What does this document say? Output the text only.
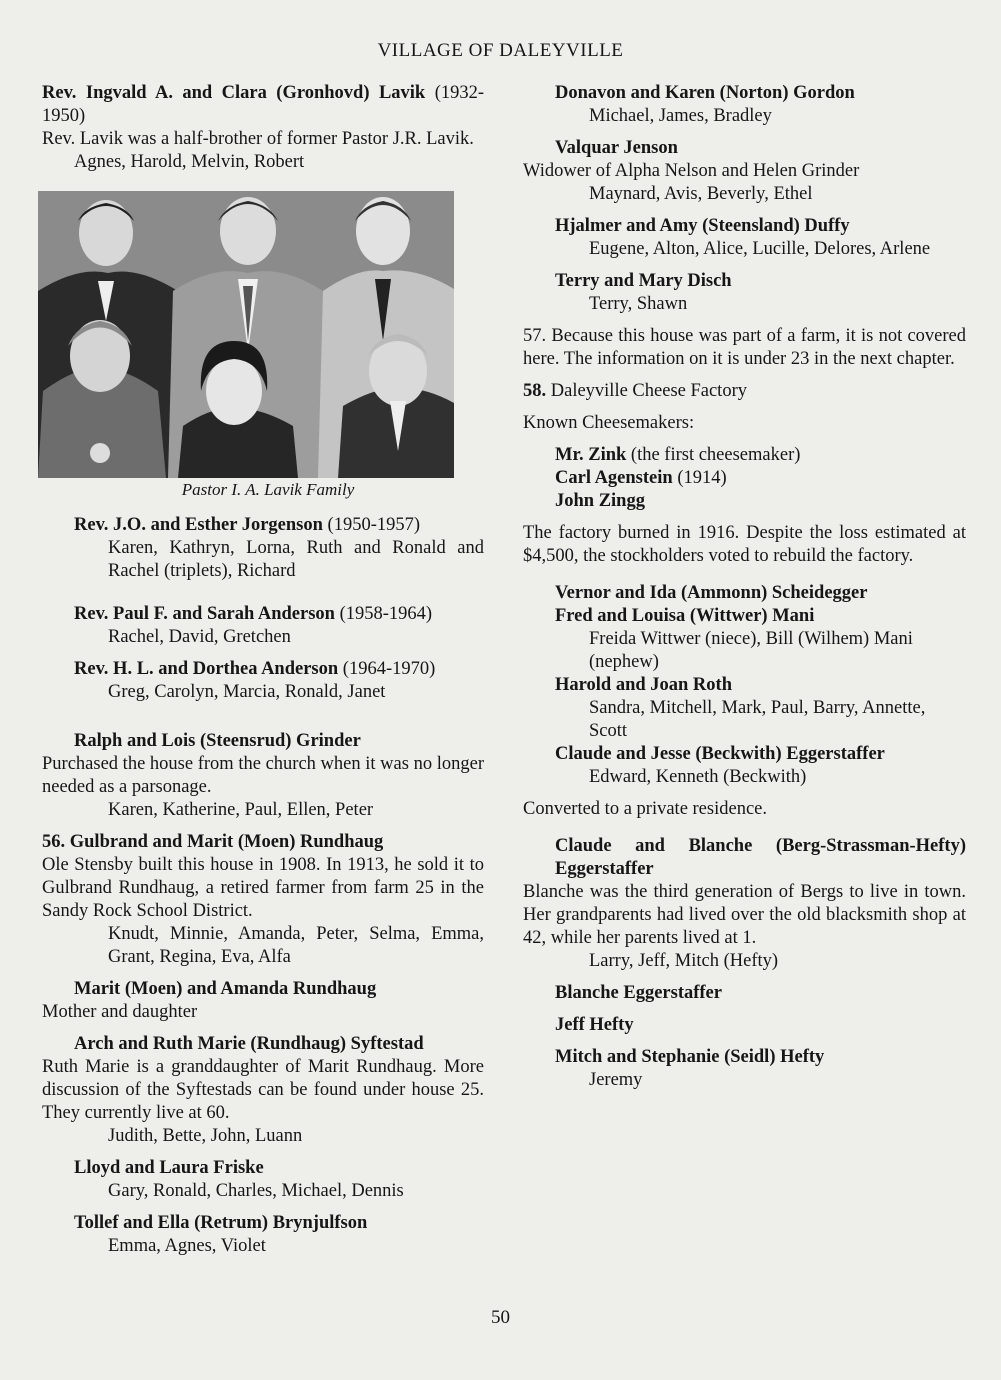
VILLAGE OF DALEYVILLE
Rev. Ingvald A. and Clara (Gronhovd) Lavik (1932-1950)
Rev. Lavik was a half-brother of former Pastor J.R. Lavik.
Agnes, Harold, Melvin, Robert
Pastor I. A. Lavik Family
Rev. J.O. and Esther Jorgenson (1950-1957)
Karen, Kathryn, Lorna, Ruth and Ronald and Rachel (triplets), Richard
Rev. Paul F. and Sarah Anderson (1958-1964)
Rachel, David, Gretchen
Rev. H. L. and Dorthea Anderson (1964-1970)
Greg, Carolyn, Marcia, Ronald, Janet
Ralph and Lois (Steensrud) Grinder
Purchased the house from the church when it was no longer needed as a parsonage.
Karen, Katherine, Paul, Ellen, Peter
56. Gulbrand and Marit (Moen) Rundhaug
Ole Stensby built this house in 1908. In 1913, he sold it to Gulbrand Rundhaug, a retired farmer from farm 25 in the Sandy Rock School District.
Knudt, Minnie, Amanda, Peter, Selma, Emma, Grant, Regina, Eva, Alfa
Marit (Moen) and Amanda Rundhaug
Mother and daughter
Arch and Ruth Marie (Rundhaug) Syftestad
Ruth Marie is a granddaughter of Marit Rundhaug. More discussion of the Syftestads can be found under house 25. They currently live at 60.
Judith, Bette, John, Luann
Lloyd and Laura Friske
Gary, Ronald, Charles, Michael, Dennis
Tollef and Ella (Retrum) Brynjulfson
Emma, Agnes, Violet
Donavon and Karen (Norton) Gordon
Michael, James, Bradley
Valquar Jenson
Widower of Alpha Nelson and Helen Grinder
Maynard, Avis, Beverly, Ethel
Hjalmer and Amy (Steensland) Duffy
Eugene, Alton, Alice, Lucille, Delores, Arlene
Terry and Mary Disch
Terry, Shawn
57. Because this house was part of a farm, it is not covered here. The information on it is under 23 in the next chapter.
58. Daleyville Cheese Factory
Known Cheesemakers:
Mr. Zink (the first cheesemaker)
Carl Agenstein (1914)
John Zingg
The factory burned in 1916. Despite the loss estimated at $4,500, the stockholders voted to rebuild the factory.
Vernor and Ida (Ammonn) Scheidegger
Fred and Louisa (Wittwer) Mani
Freida Wittwer (niece), Bill (Wilhem) Mani (nephew)
Harold and Joan Roth
Sandra, Mitchell, Mark, Paul, Barry, Annette, Scott
Claude and Jesse (Beckwith) Eggerstaffer
Edward, Kenneth (Beckwith)
Converted to a private residence.
Claude and Blanche (Berg-Strassman-Hefty) Eggerstaffer
Blanche was the third generation of Bergs to live in town. Her grandparents had lived over the old blacksmith shop at 42, while her parents lived at 1.
Larry, Jeff, Mitch (Hefty)
Blanche Eggerstaffer
Jeff Hefty
Mitch and Stephanie (Seidl) Hefty
Jeremy
50
